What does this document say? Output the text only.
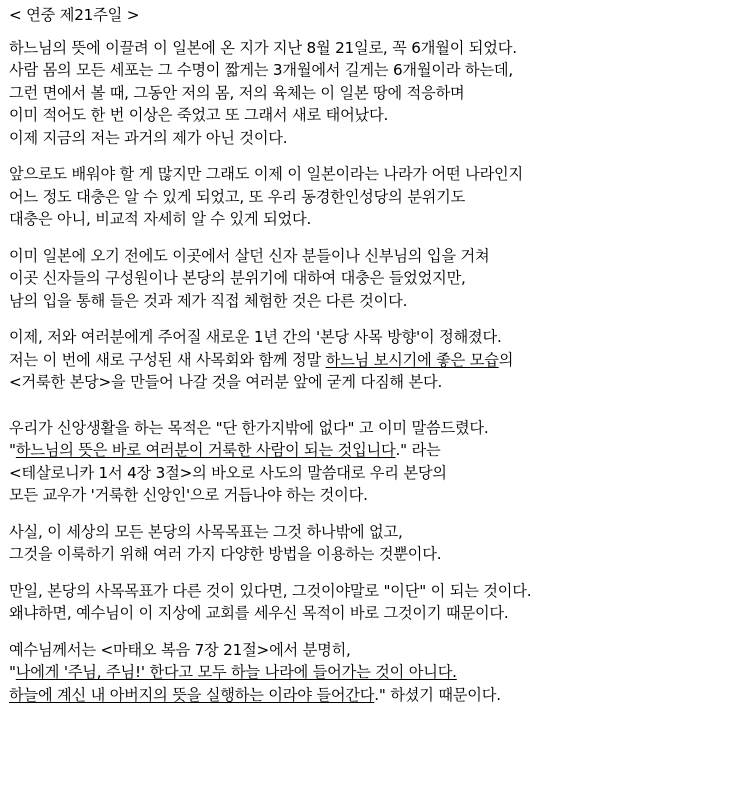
< 연중 제21주일 >
하느님의 뜻에 이끌려 이 일본에 온 지가 지난 8월 21일로, 꼭 6개월이 되었다.
사람 몸의 모든 세포는 그 수명이 짧게는 3개월에서 길게는 6개월이라 하는데,
그런 면에서 볼 때, 그동안 저의 몸, 저의 육체는 이 일본 땅에 적응하며
이미 적어도 한 번 이상은 죽었고 또 그래서 새로 태어났다.
이제 지금의 저는 과거의 제가 아닌 것이다.
앞으로도 배워야 할 게 많지만 그래도 이제 이 일본이라는 나라가 어떤 나라인지
어느 정도 대충은 알 수 있게 되었고, 또 우리 동경한인성당의 분위기도
대충은 아니, 비교적 자세히 알 수 있게 되었다.
이미 일본에 오기 전에도 이곳에서 살던 신자 분들이나 신부님의 입을 거쳐
이곳 신자들의 구성원이나 본당의 분위기에 대하여 대충은 들었었지만,
남의 입을 통해 들은 것과 제가 직접 체험한 것은 다른 것이다.
이제, 저와 여러분에게 주어질 새로운 1년 간의 '본당 사목 방향'이 정해졌다.
저는 이 번에 새로 구성된 새 사목회와 함께 정말 하느님 보시기에 좋은 모습의
<거룩한 본당>을 만들어 나갈 것을 여러분 앞에 굳게 다짐해 본다.
우리가 신앙생활을 하는 목적은 "단 한가지밖에 없다" 고 이미 말씀드렸다.
"하느님의 뜻은 바로 여러분이 거룩한 사람이 되는 것입니다." 라는
<테살로니카 1서 4장 3절>의 바오로 사도의 말씀대로 우리 본당의
모든 교우가 '거룩한 신앙인'으로 거듭나야 하는 것이다.
사실, 이 세상의 모든 본당의 사목목표는 그것 하나밖에 없고,
그것을 이룩하기 위해 여러 가지 다양한 방법을 이용하는 것뿐이다.
만일, 본당의 사목목표가 다른 것이 있다면, 그것이야말로 "이단" 이 되는 것이다.
왜냐하면, 예수님이 이 지상에 교회를 세우신 목적이 바로 그것이기 때문이다.
예수님께서는 <마태오 복음 7장 21절>에서 분명히,
"나에게 '주님, 주님!' 한다고 모두 하늘 나라에 들어가는 것이 아니다.
하늘에 계신 내 아버지의 뜻을 실행하는 이라야 들어간다." 하셨기 때문이다.
